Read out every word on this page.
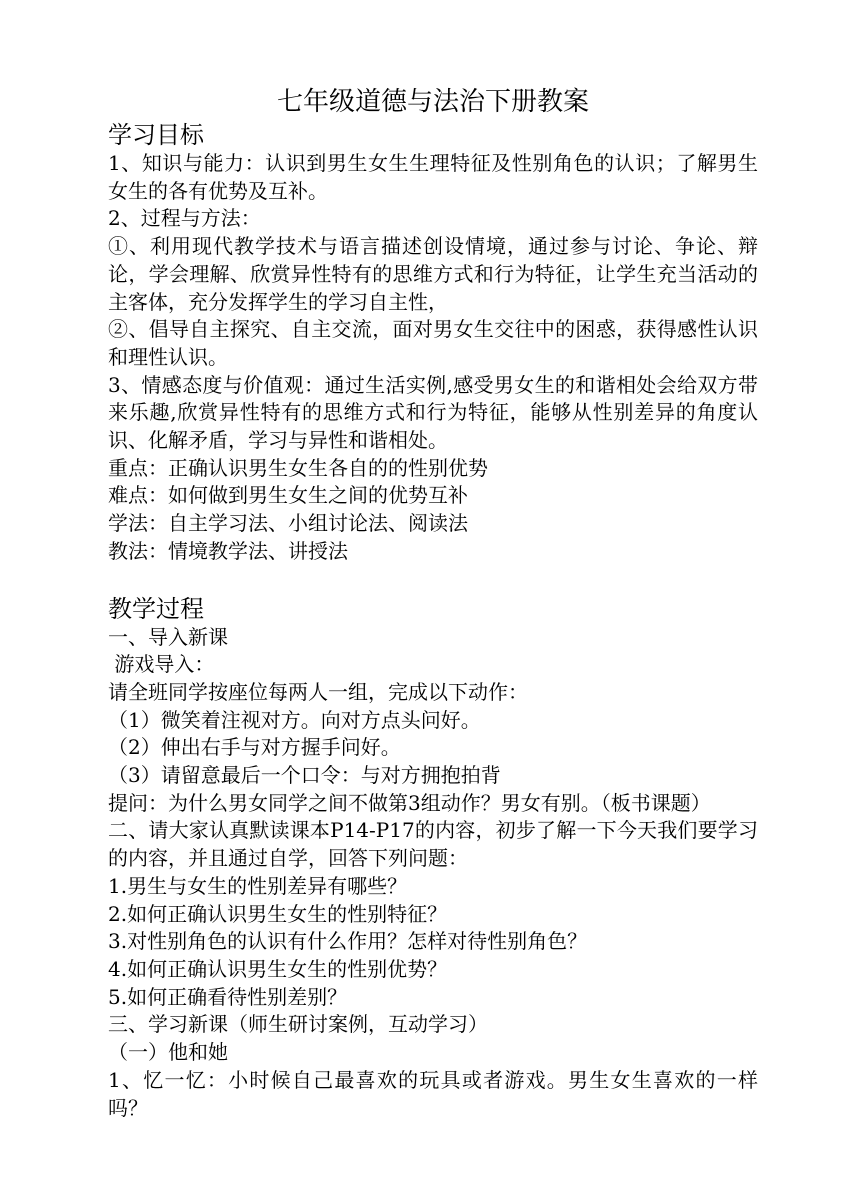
七年级道德与法治下册教案
学习目标

1、知识与能力：认识到男生女生生理特征及性别角色的认识；了解男生女生的各有优势及互补。

2、过程与方法：

①、利用现代教学技术与语言描述创设情境，通过参与讨论、争论、辩论，学会理解、欣赏异性特有的思维方式和行为特征，让学生充当活动的主客体，充分发挥学生的学习自主性，

②、倡导自主探究、自主交流，面对男女生交往中的困惑，获得感性认识和理性认识。

3、情感态度与价值观：通过生活实例,感受男女生的和谐相处会给双方带来乐趣,欣赏异性特有的思维方式和行为特征，能够从性别差异的角度认识、化解矛盾，学习与异性和谐相处。

重点：正确认识男生女生各自的的性别优势

难点：如何做到男生女生之间的优势互补

学法：自主学习法、小组讨论法、阅读法

教法：情境教学法、讲授法

教学过程

一、导入新课

游戏导入：

请全班同学按座位每两人一组，完成以下动作：

（1）微笑着注视对方。向对方点头问好。

（2）伸出右手与对方握手问好。

（3）请留意最后一个口令：与对方拥抱拍背

提问：为什么男女同学之间不做第3组动作？男女有别。（板书课题）

二、请大家认真默读课本P14-P17的内容，初步了解一下今天我们要学习的内容，并且通过自学，回答下列问题：

1.男生与女生的性别差异有哪些？

2.如何正确认识男生女生的性别特征？

3.对性别角色的认识有什么作用？怎样对待性别角色？

4.如何正确认识男生女生的性别优势？

5.如何正确看待性别差别？

三、学习新课（师生研讨案例，互动学习）

（一）他和她

1、忆一忆：小时候自己最喜欢的玩具或者游戏。男生女生喜欢的一样吗？
